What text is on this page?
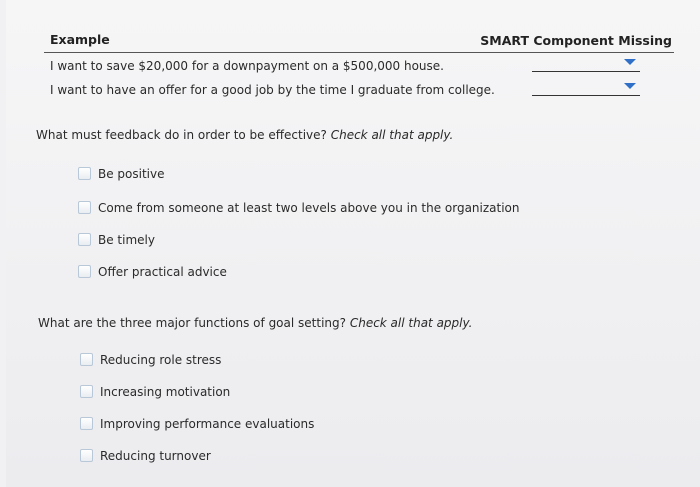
Example	SMART Component Missing
I want to save $20,000 for a downpayment on a $500,000 house.
I want to have an offer for a good job by the time I graduate from college.
What must feedback do in order to be effective? Check all that apply.
Be positive
Come from someone at least two levels above you in the organization
Be timely
Offer practical advice
What are the three major functions of goal setting? Check all that apply.
Reducing role stress
Increasing motivation
Improving performance evaluations
Reducing turnover
